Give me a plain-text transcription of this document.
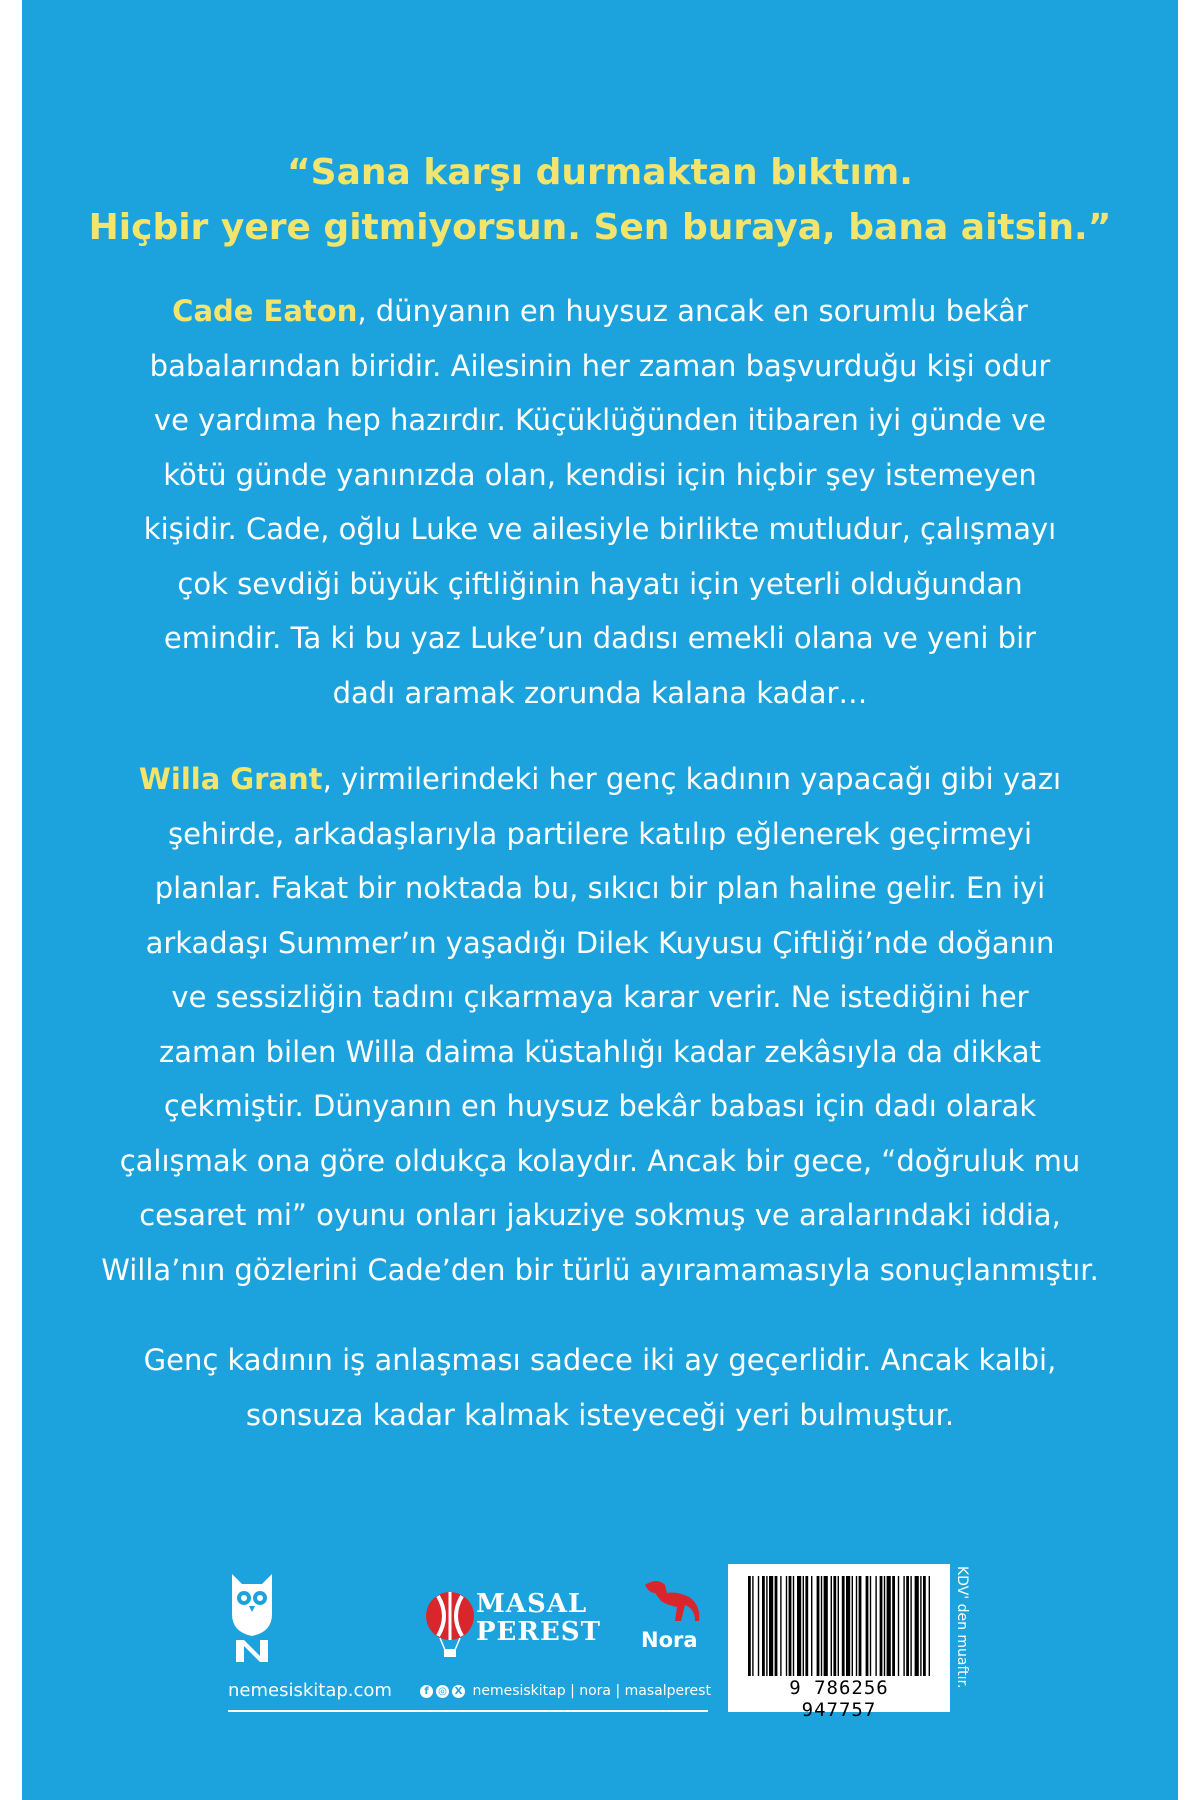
“Sana karşı durmaktan bıktım.
Hiçbir yere gitmiyorsun. Sen buraya, bana aitsin.”
Cade Eaton, dünyanın en huysuz ancak en sorumlu bekâr
babalarından biridir. Ailesinin her zaman başvurduğu kişi odur
ve yardıma hep hazırdır. Küçüklüğünden itibaren iyi günde ve
kötü günde yanınızda olan, kendisi için hiçbir şey istemeyen
kişidir. Cade, oğlu Luke ve ailesiyle birlikte mutludur, çalışmayı
çok sevdiği büyük çiftliğinin hayatı için yeterli olduğundan
emindir. Ta ki bu yaz Luke’un dadısı emekli olana ve yeni bir
dadı aramak zorunda kalana kadar…
Willa Grant, yirmilerindeki her genç kadının yapacağı gibi yazı
şehirde, arkadaşlarıyla partilere katılıp eğlenerek geçirmeyi
planlar. Fakat bir noktada bu, sıkıcı bir plan haline gelir. En iyi
arkadaşı Summer’ın yaşadığı Dilek Kuyusu Çiftliği’nde doğanın
ve sessizliğin tadını çıkarmaya karar verir. Ne istediğini her
zaman bilen Willa daima küstahlığı kadar zekâsıyla da dikkat
çekmiştir. Dünyanın en huysuz bekâr babası için dadı olarak
çalışmak ona göre oldukça kolaydır. Ancak bir gece, “doğruluk mu
cesaret mi” oyunu onları jakuziye sokmuş ve aralarındaki iddia,
Willa’nın gözlerini Cade’den bir türlü ayıramamasıyla sonuçlanmıştır.
Genç kadının iş anlaşması sadece iki ay geçerlidir. Ancak kalbi,
sonsuza kadar kalmak isteyeceği yeri bulmuştur.
MASAL
PEREST Nora
nemesiskitap.com	f ◎ X nemesiskitap | nora | masalperest	9 786256 947757
KDV' den muaftır.
